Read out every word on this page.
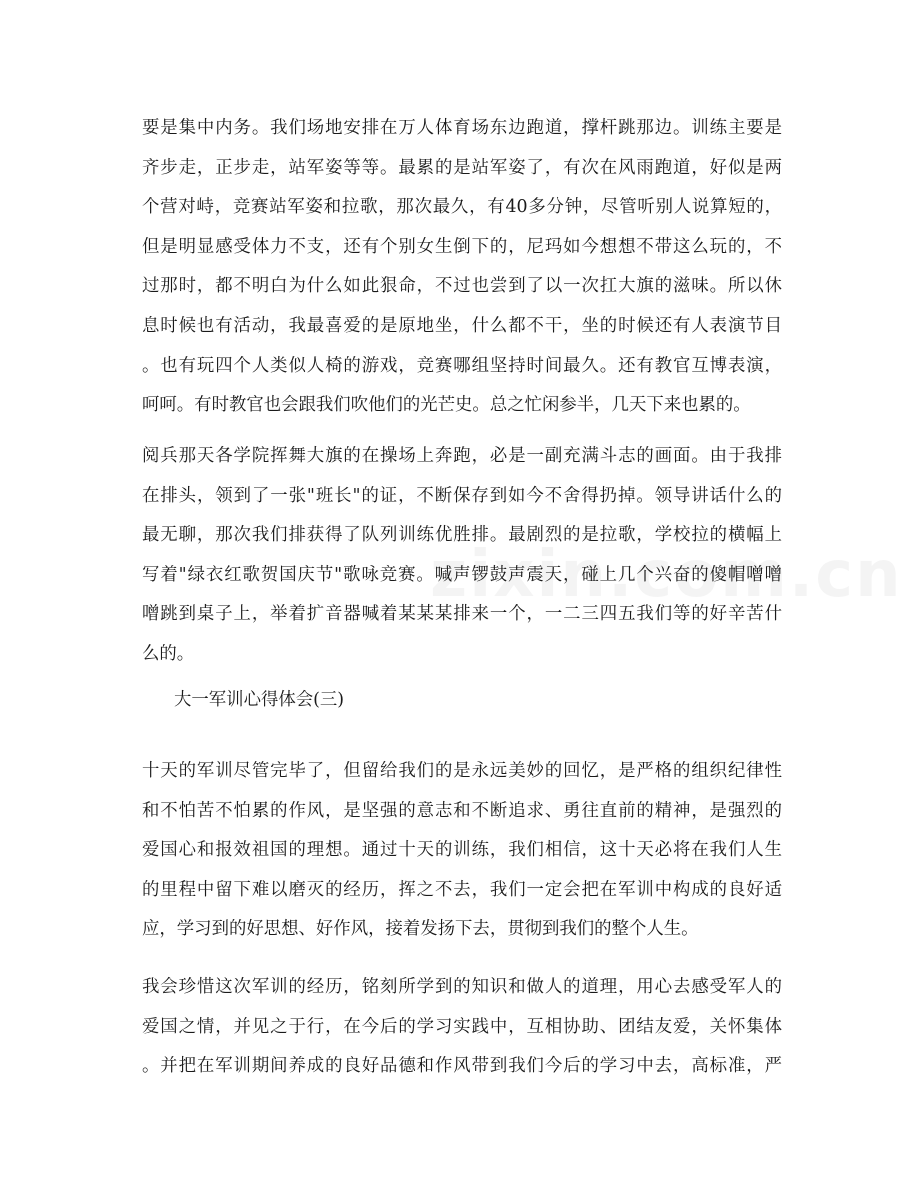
要是集中内务。我们场地安排在万人体育场东边跑道，撑杆跳那边。训练主要是
齐步走，正步走，站军姿等等。最累的是站军姿了，有次在风雨跑道，好似是两
个营对峙，竞赛站军姿和拉歌，那次最久，有40多分钟，尽管听别人说算短的，
但是明显感受体力不支，还有个别女生倒下的，尼玛如今想想不带这么玩的，不
过那时，都不明白为什么如此狠命，不过也尝到了以一次扛大旗的滋味。所以休
息时候也有活动，我最喜爱的是原地坐，什么都不干，坐的时候还有人表演节目
。也有玩四个人类似人椅的游戏，竞赛哪组坚持时间最久。还有教官互博表演，
呵呵。有时教官也会跟我们吹他们的光芒史。总之忙闲参半，几天下来也累的。
阅兵那天各学院挥舞大旗的在操场上奔跑，必是一副充满斗志的画面。由于我排
在排头，领到了一张"班长"的证，不断保存到如今不舍得扔掉。领导讲话什么的
最无聊，那次我们排获得了队列训练优胜排。最剧烈的是拉歌，学校拉的横幅上
写着"绿衣红歌贺国庆节"歌咏竞赛。喊声锣鼓声震天，碰上几个兴奋的傻帽噌噌
噌跳到桌子上，举着扩音器喊着某某某排来一个，一二三四五我们等的好辛苦什
么的。
大一军训心得体会(三)
十天的军训尽管完毕了，但留给我们的是永远美妙的回忆，是严格的组织纪律性
和不怕苦不怕累的作风，是坚强的意志和不断追求、勇往直前的精神，是强烈的
爱国心和报效祖国的理想。通过十天的训练，我们相信，这十天必将在我们人生
的里程中留下难以磨灭的经历，挥之不去，我们一定会把在军训中构成的良好适
应，学习到的好思想、好作风，接着发扬下去，贯彻到我们的整个人生。
我会珍惜这次军训的经历，铭刻所学到的知识和做人的道理，用心去感受军人的
爱国之情，并见之于行，在今后的学习实践中，互相协助、团结友爱，关怀集体
。并把在军训期间养成的良好品德和作风带到我们今后的学习中去，高标准，严
